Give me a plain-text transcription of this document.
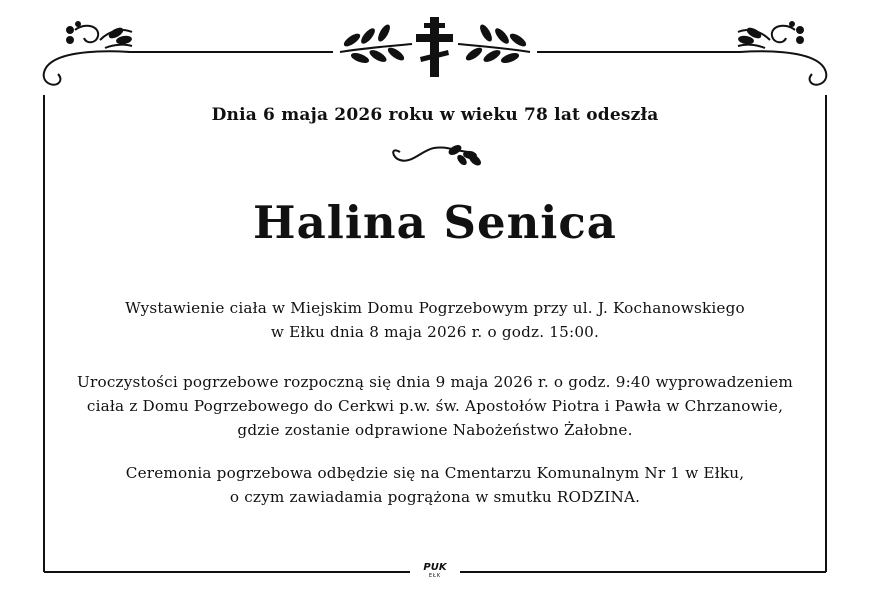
Dnia 6 maja 2026 roku w wieku 78 lat odeszła
Halina Senica
Wystawienie ciała w Miejskim Domu Pogrzebowym przy ul. J. Kochanowskiego
w Ełku dnia 8 maja 2026 r. o godz. 15:00.
Uroczystości pogrzebowe rozpoczną się dnia 9 maja 2026 r. o godz. 9:40 wyprowadzeniem
ciała z Domu Pogrzebowego do Cerkwi p.w. św. Apostołów Piotra i Pawła w Chrzanowie,
gdzie zostanie odprawione Nabożeństwo Żałobne.
Ceremonia pogrzebowa odbędzie się na Cmentarzu Komunalnym Nr 1 w Ełku,
o czym zawiadamia pogrążona w smutku RODZINA.
PUK
EŁK
